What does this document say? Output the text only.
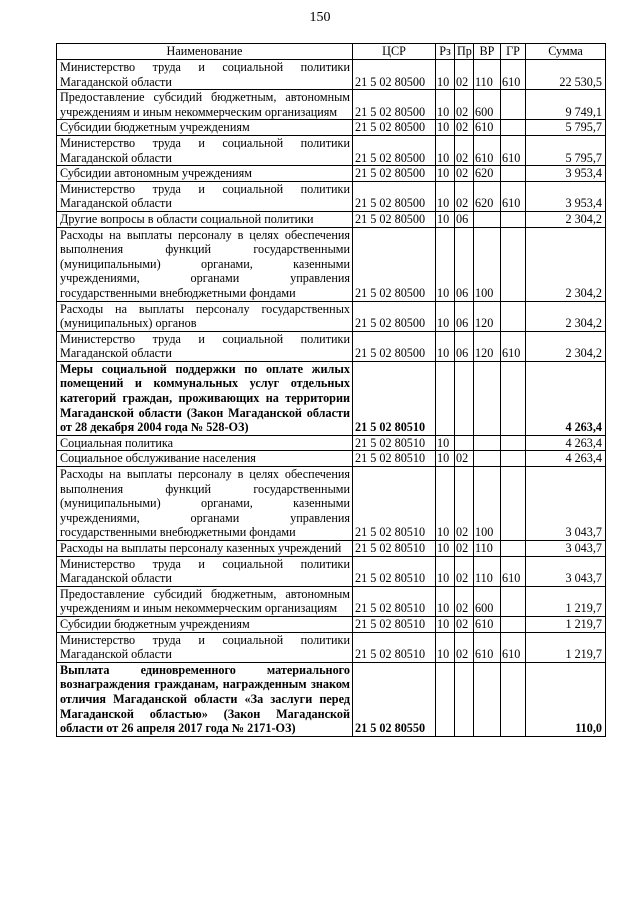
150
Наименование	ЦСР	Рз	Пр	ВР	ГР	Сумма
Министерство труда и социальной политики Магаданской области	21 5 02 80500	10	02	110	610	22 530,5
Предоставление субсидий бюджетным, автономным учреждениям и иным некоммерческим организациям	21 5 02 80500	10	02	600		9 749,1
Субсидии бюджетным учреждениям	21 5 02 80500	10	02	610		5 795,7
Министерство труда и социальной политики Магаданской области	21 5 02 80500	10	02	610	610	5 795,7
Субсидии автономным учреждениям	21 5 02 80500	10	02	620		3 953,4
Министерство труда и социальной политики Магаданской области	21 5 02 80500	10	02	620	610	3 953,4
Другие вопросы в области социальной политики	21 5 02 80500	10	06			2 304,2
Расходы на выплаты персоналу в целях обеспечения выполнения функций государственными (муниципальными) органами, казенными учреждениями, органами управления государственными внебюджетными фондами	21 5 02 80500	10	06	100		2 304,2
Расходы на выплаты персоналу государственных (муниципальных) органов	21 5 02 80500	10	06	120		2 304,2
Министерство труда и социальной политики Магаданской области	21 5 02 80500	10	06	120	610	2 304,2
Меры социальной поддержки по оплате жилых помещений и коммунальных услуг отдельных категорий граждан, проживающих на территории Магаданской области (Закон Магаданской области от 28 декабря 2004 года № 528-ОЗ)	21 5 02 80510					4 263,4
Социальная политика	21 5 02 80510	10				4 263,4
Социальное обслуживание населения	21 5 02 80510	10	02			4 263,4
Расходы на выплаты персоналу в целях обеспечения выполнения функций государственными (муниципальными) органами, казенными учреждениями, органами управления государственными внебюджетными фондами	21 5 02 80510	10	02	100		3 043,7
Расходы на выплаты персоналу казенных учреждений	21 5 02 80510	10	02	110		3 043,7
Министерство труда и социальной политики Магаданской области	21 5 02 80510	10	02	110	610	3 043,7
Предоставление субсидий бюджетным, автономным учреждениям и иным некоммерческим организациям	21 5 02 80510	10	02	600		1 219,7
Субсидии бюджетным учреждениям	21 5 02 80510	10	02	610		1 219,7
Министерство труда и социальной политики Магаданской области	21 5 02 80510	10	02	610	610	1 219,7
Выплата единовременного материального вознаграждения гражданам, награжденным знаком отличия Магаданской области «За заслуги перед Магаданской областью» (Закон Магаданской области от 26 апреля 2017 года № 2171-ОЗ)	21 5 02 80550					110,0
